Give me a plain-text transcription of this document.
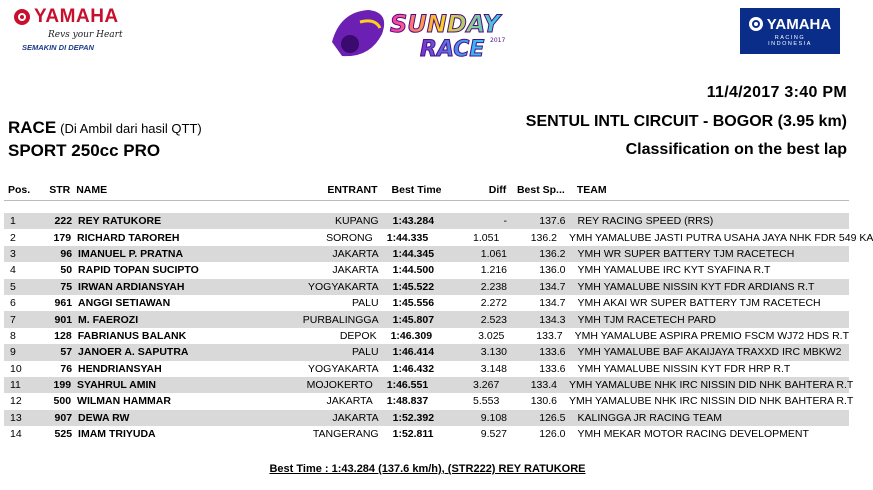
YAMAHA
Revs your Heart
SEMAKIN DI DEPAN
SUNDAY
RACE 2017
YAMAHA
RACING
INDONESIA
11/4/2017 3:40 PM
RACE (Di Ambil dari hasil QTT)
SPORT 250cc PRO
SENTUL INTL CIRCUIT - BOGOR (3.95 km)
Classification on the best lap
Pos.	STR NAME	ENTRANT	Best Time	Diff	Best Sp...	TEAM
1	222 REY RATUKORE	KUPANG	1:43.284	-	137.6	REY RACING SPEED (RRS)
2	179 RICHARD TAROREH	SORONG	1:44.335	1.051	136.2	YMH YAMALUBE JASTI PUTRA USAHA JAYA NHK FDR 549 KA
3	96 IMANUEL P. PRATNA	JAKARTA	1:44.345	1.061	136.2	YMH WR SUPER BATTERY TJM RACETECH
4	50 RAPID TOPAN SUCIPTO	JAKARTA	1:44.500	1.216	136.0	YMH YAMALUBE IRC KYT SYAFINA R.T
5	75 IRWAN ARDIANSYAH	YOGYAKARTA	1:45.522	2.238	134.7	YMH YAMALUBE NISSIN KYT FDR ARDIANS R.T
6	961 ANGGI SETIAWAN	PALU	1:45.556	2.272	134.7	YMH AKAI WR SUPER BATTERY TJM RACETECH
7	901 M. FAEROZI	PURBALINGGA	1:45.807	2.523	134.3	YMH TJM RACETECH PARD
8	128 FABRIANUS BALANK	DEPOK	1:46.309	3.025	133.7	YMH YAMALUBE ASPIRA PREMIO FSCM WJ72 HDS R.T
9	57 JANOER A. SAPUTRA	PALU	1:46.414	3.130	133.6	YMH YAMALUBE BAF AKAIJAYA TRAXXD IRC MBKW2
10	76 HENDRIANSYAH	YOGYAKARTA	1:46.432	3.148	133.6	YMH YAMALUBE NISSIN KYT FDR HRP R.T
11	199 SYAHRUL AMIN	MOJOKERTO	1:46.551	3.267	133.4	YMH YAMALUBE NHK IRC NISSIN DID NHK BAHTERA R.T
12	500 WILMAN HAMMAR	JAKARTA	1:48.837	5.553	130.6	YMH YAMALUBE NHK IRC NISSIN DID NHK BAHTERA R.T
13	907 DEWA RW	JAKARTA	1:52.392	9.108	126.5	KALINGGA JR RACING TEAM
14	525 IMAM TRIYUDA	TANGERANG	1:52.811	9.527	126.0	YMH MEKAR MOTOR RACING DEVELOPMENT
Best Time : 1:43.284 (137.6 km/h), (STR222) REY RATUKORE
